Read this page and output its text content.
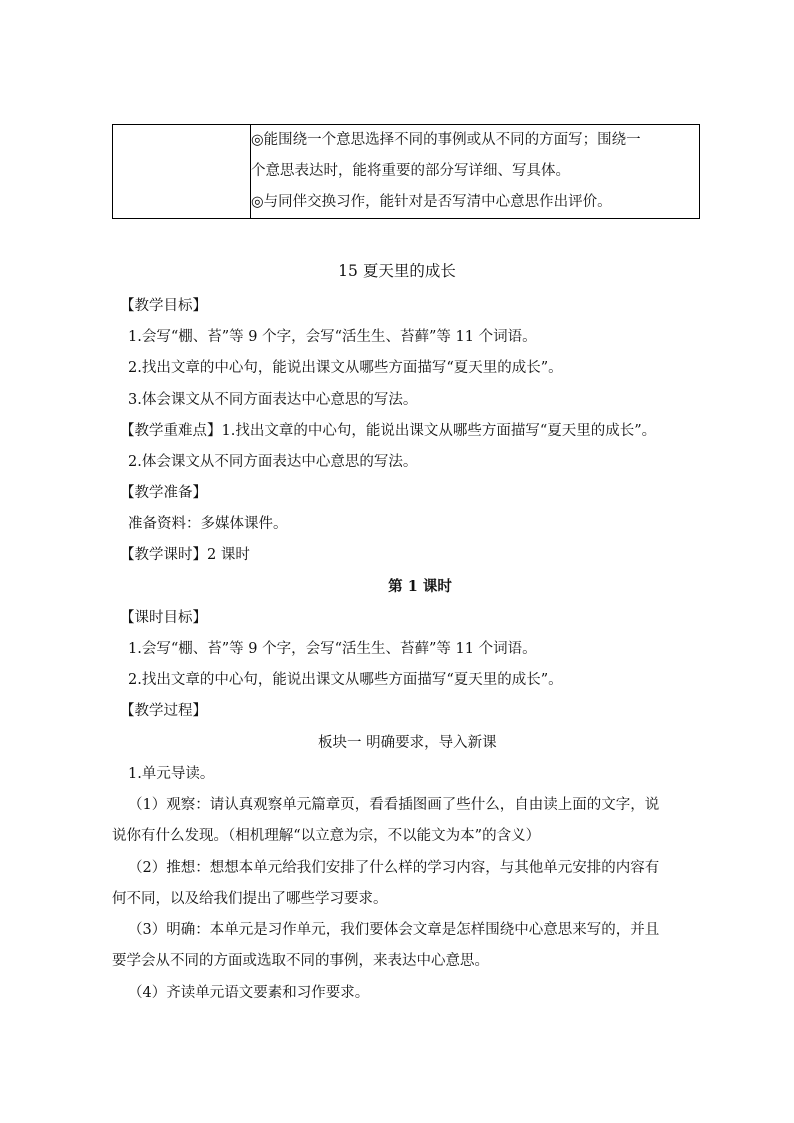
◎能围绕一个意思选择不同的事例或从不同的方面写；围绕一
个意思表达时，能将重要的部分写详细、写具体。
◎与同伴交换习作，能针对是否写清中心意思作出评价。
15 夏天里的成长
【教学目标】
1.会写“棚、苔”等 9 个字，会写“活生生、苔藓”等 11 个词语。
2.找出文章的中心句，能说出课文从哪些方面描写“夏天里的成长”。
3.体会课文从不同方面表达中心意思的写法。
【教学重难点】1.找出文章的中心句，能说出课文从哪些方面描写“夏天里的成长”。
2.体会课文从不同方面表达中心意思的写法。
【教学准备】
准备资料：多媒体课件。
【教学课时】2 课时
第 1 课时
【课时目标】
1.会写“棚、苔”等 9 个字，会写“活生生、苔藓”等 11 个词语。
2.找出文章的中心句，能说出课文从哪些方面描写“夏天里的成长”。
【教学过程】
板块一 明确要求，导入新课
1.单元导读。
（1）观察：请认真观察单元篇章页，看看插图画了些什么，自由读上面的文字，说
说你有什么发现。（相机理解“以立意为宗，不以能文为本”的含义）
（2）推想：想想本单元给我们安排了什么样的学习内容，与其他单元安排的内容有
何不同，以及给我们提出了哪些学习要求。
（3）明确：本单元是习作单元，我们要体会文章是怎样围绕中心意思来写的，并且
要学会从不同的方面或选取不同的事例，来表达中心意思。
（4）齐读单元语文要素和习作要求。
